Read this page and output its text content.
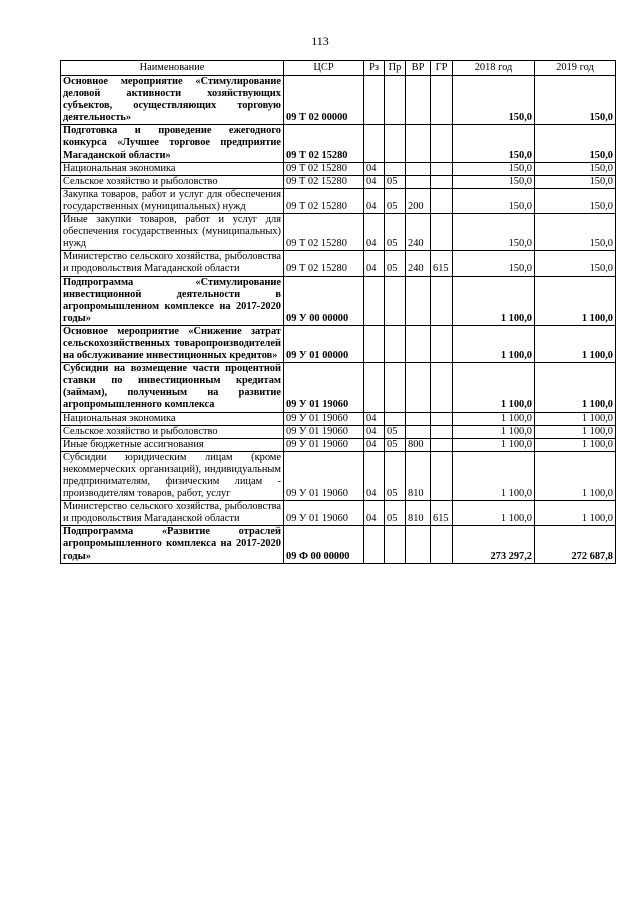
113
Наименование	ЦСР	Рз	Пр	ВР	ГР	2018 год	2019 год
Основное мероприятие «Стимулирование деловой активности хозяйствующих субъектов, осуществляющих торговую деятельность»	09 Т 02 00000					150,0	150,0
Подготовка и проведение ежегодного конкурса «Лучшее торговое предприятие Магаданской области»	09 Т 02 15280					150,0	150,0
Национальная экономика	09 Т 02 15280	04				150,0	150,0
Сельское хозяйство и рыболовство	09 Т 02 15280	04	05			150,0	150,0
Закупка товаров, работ и услуг для обеспечения государственных (муниципальных) нужд	09 Т 02 15280	04	05	200		150,0	150,0
Иные закупки товаров, работ и услуг для обеспечения государственных (муниципальных) нужд	09 Т 02 15280	04	05	240		150,0	150,0
Министерство сельского хозяйства, рыболовства и продовольствия Магаданской области	09 Т 02 15280	04	05	240	615	150,0	150,0
Подпрограмма «Стимулирование инвестиционной деятельности в агропромышленном комплексе на 2017-2020 годы»	09 У 00 00000					1 100,0	1 100,0
Основное мероприятие «Снижение затрат сельскохозяйственных товаропроизводителей на обслуживание инвестиционных кредитов»	09 У 01 00000					1 100,0	1 100,0
Субсидии на возмещение части процентной ставки по инвестиционным кредитам (займам), полученным на развитие агропромышленного комплекса	09 У 01 19060					1 100,0	1 100,0
Национальная экономика	09 У 01 19060	04				1 100,0	1 100,0
Сельское хозяйство и рыболовство	09 У 01 19060	04	05			1 100,0	1 100,0
Иные бюджетные ассигнования	09 У 01 19060	04	05	800		1 100,0	1 100,0
Субсидии юридическим лицам (кроме некоммерческих организаций), индивидуальным предпринимателям, физическим лицам - производителям товаров, работ, услуг	09 У 01 19060	04	05	810		1 100,0	1 100,0
Министерство сельского хозяйства, рыболовства и продовольствия Магаданской области	09 У 01 19060	04	05	810	615	1 100,0	1 100,0
Подпрограмма «Развитие отраслей агропромышленного комплекса на 2017-2020 годы»	09 Ф 00 00000					273 297,2	272 687,8
